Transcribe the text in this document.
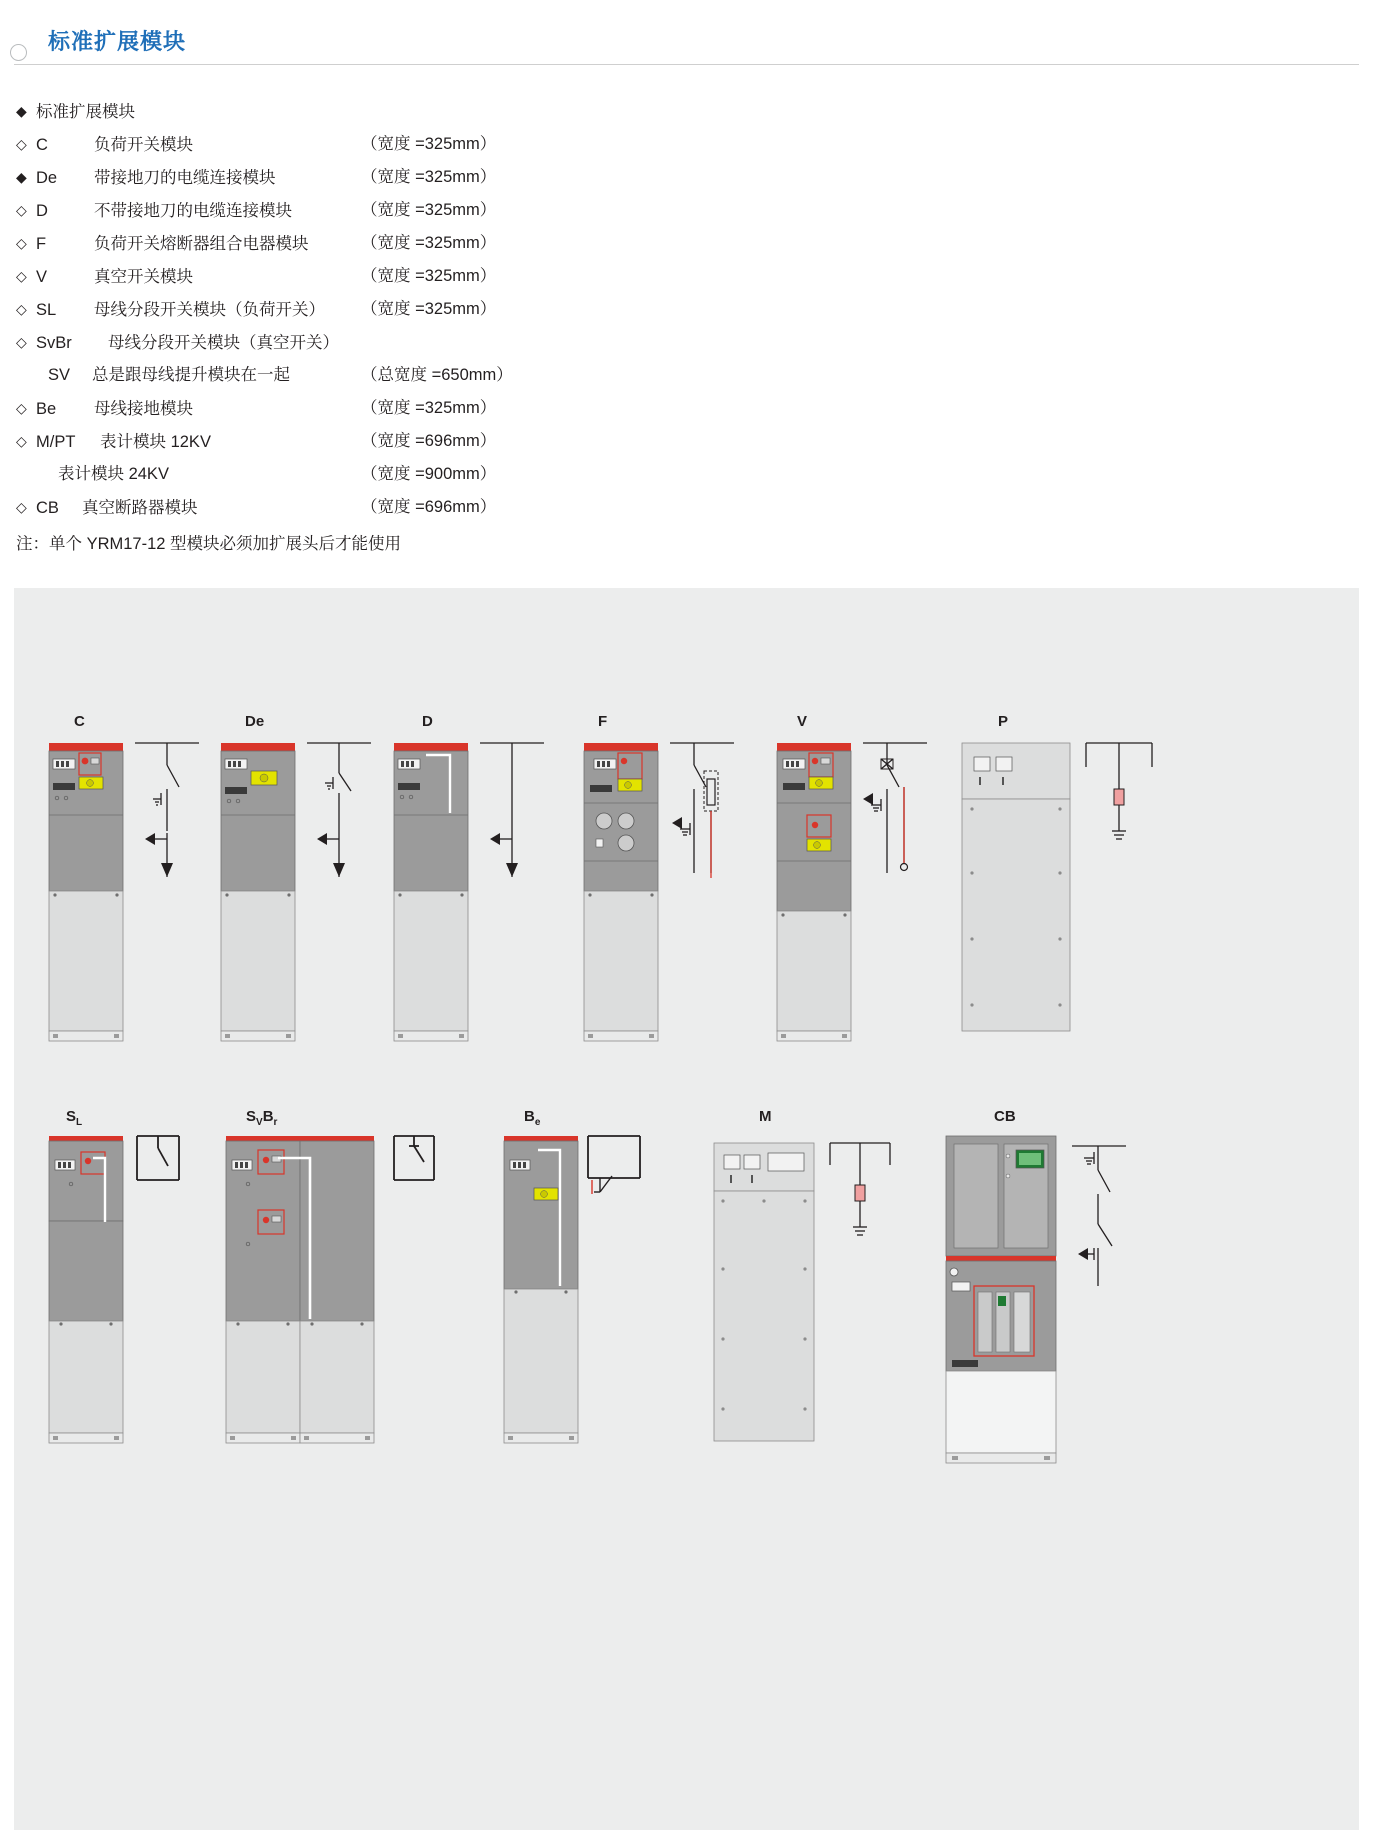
标准扩展模块
◆ 标准扩展模块
◇ C	负荷开关模块	（宽度 =325mm）
◆ De 带接地刀的电缆连接模块	（宽度 =325mm）
◇ D	不带接地刀的电缆连接模块	（宽度 =325mm）
◇ F	负荷开关熔断器组合电器模块	（宽度 =325mm）
◇ V	真空开关模块	（宽度 =325mm）
◇ SL 母线分段开关模块（负荷开关） （宽度 =325mm）
◇ SvBr 母线分段开关模块（真空开关）
SV 总是跟母线提升模块在一起	（总宽度 =650mm）
◇ Be 母线接地模块	（宽度 =325mm）
◇ M/PT 表计模块 12KV	（宽度 =696mm）
表计模块 24KV	（宽度 =900mm）
◇ CB 真空断路器模块	（宽度 =696mm）
注：单个 YRM17-12 型模块必须加扩展头后才能使用
C	De	D	F	V	P
$S_L$	$S_VB_r$	$B_e$	M	CB
